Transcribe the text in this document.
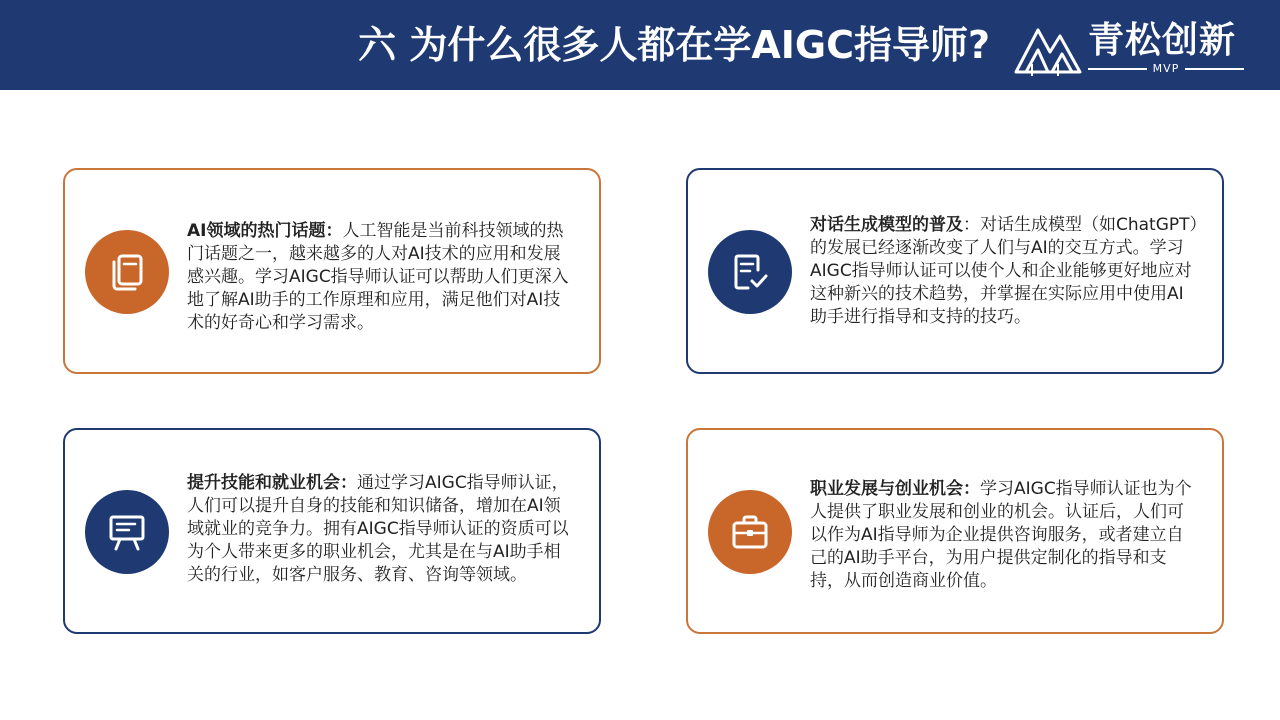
六 为什么很多人都在学AIGC指导师?	青松创新
MVP
AI领域的热门话题：人工智能是当前科技领域的热门话题之一，越来越多的人对AI技术的应用和发展感兴趣。学习AIGC指导师认证可以帮助人们更深入地了解AI助手的工作原理和应用，满足他们对AI技术的好奇心和学习需求。
对话生成模型的普及：对话生成模型（如ChatGPT）的发展已经逐渐改变了人们与AI的交互方式。学习AIGC指导师认证可以使个人和企业能够更好地应对这种新兴的技术趋势，并掌握在实际应用中使用AI助手进行指导和支持的技巧。
提升技能和就业机会：通过学习AIGC指导师认证，人们可以提升自身的技能和知识储备，增加在AI领域就业的竞争力。拥有AIGC指导师认证的资质可以为个人带来更多的职业机会，尤其是在与AI助手相关的行业，如客户服务、教育、咨询等领域。
职业发展与创业机会：学习AIGC指导师认证也为个人提供了职业发展和创业的机会。认证后，人们可以作为AI指导师为企业提供咨询服务，或者建立自己的AI助手平台，为用户提供定制化的指导和支持，从而创造商业价值。
